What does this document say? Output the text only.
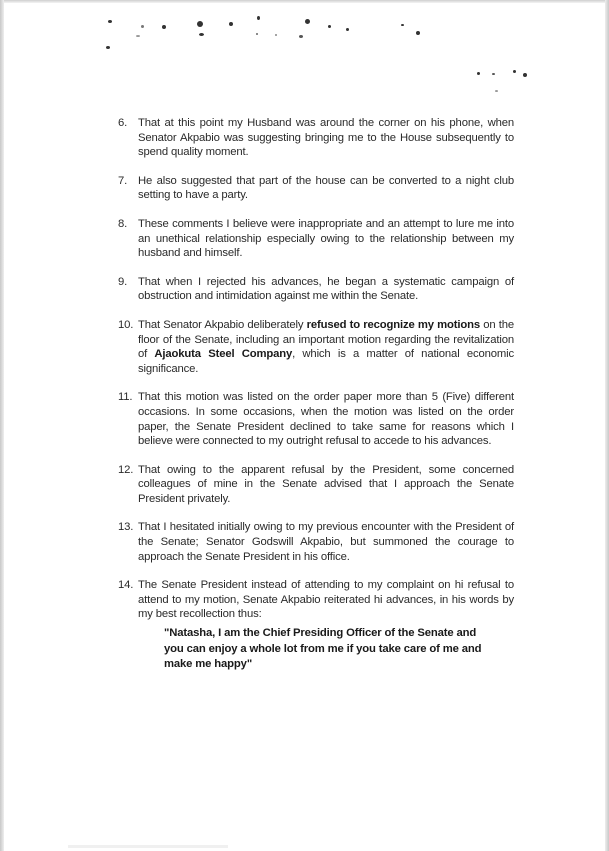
6. That at this point my Husband was around the corner on his phone, when Senator Akpabio was suggesting bringing me to the House subsequently to spend quality moment.
7. He also suggested that part of the house can be converted to a night club setting to have a party.
8. These comments I believe were inappropriate and an attempt to lure me into an unethical relationship especially owing to the relationship between my husband and himself.
9. That when I rejected his advances, he began a systematic campaign of obstruction and intimidation against me within the Senate.
10. That Senator Akpabio deliberately refused to recognize my motions on the floor of the Senate, including an important motion regarding the revitalization of Ajaokuta Steel Company, which is a matter of national economic significance.
11. That this motion was listed on the order paper more than 5 (Five) different occasions. In some occasions, when the motion was listed on the order paper, the Senate President declined to take same for reasons which I believe were connected to my outright refusal to accede to his advances.
12. That owing to the apparent refusal by the President, some concerned colleagues of mine in the Senate advised that I approach the Senate President privately.
13. That I hesitated initially owing to my previous encounter with the President of the Senate; Senator Godswill Akpabio, but summoned the courage to approach the Senate President in his office.
14. The Senate President instead of attending to my complaint on hi refusal to attend to my motion, Senate Akpabio reiterated hi advances, in his words by my best recollection thus:
"Natasha, I am the Chief Presiding Officer of the Senate and you can enjoy a whole lot from me if you take care of me and make me happy"
